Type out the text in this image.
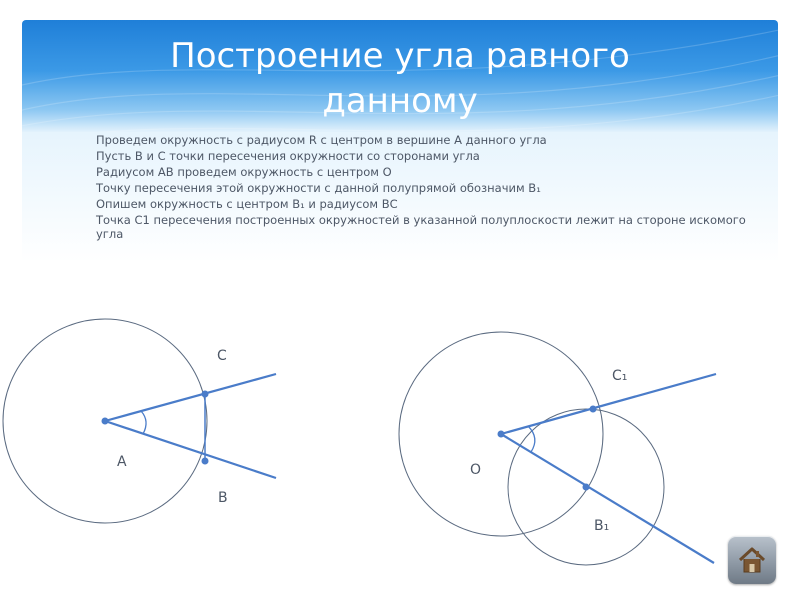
Построение угла равного
данному
Проведем окружность с радиусом R с центром в вершине А данного угла
Пусть В и С точки пересечения окружности со сторонами угла
Радиусом АВ проведем окружность с центром О
Точку пересечения этой окружности с данной полупрямой обозначим В₁
Опишем окружность с центром В₁ и радиусом ВС
Точка С1 пересечения построенных окружностей в указанной полуплоскости лежит на стороне искомого угла
А
С
В
О
С₁
В₁
